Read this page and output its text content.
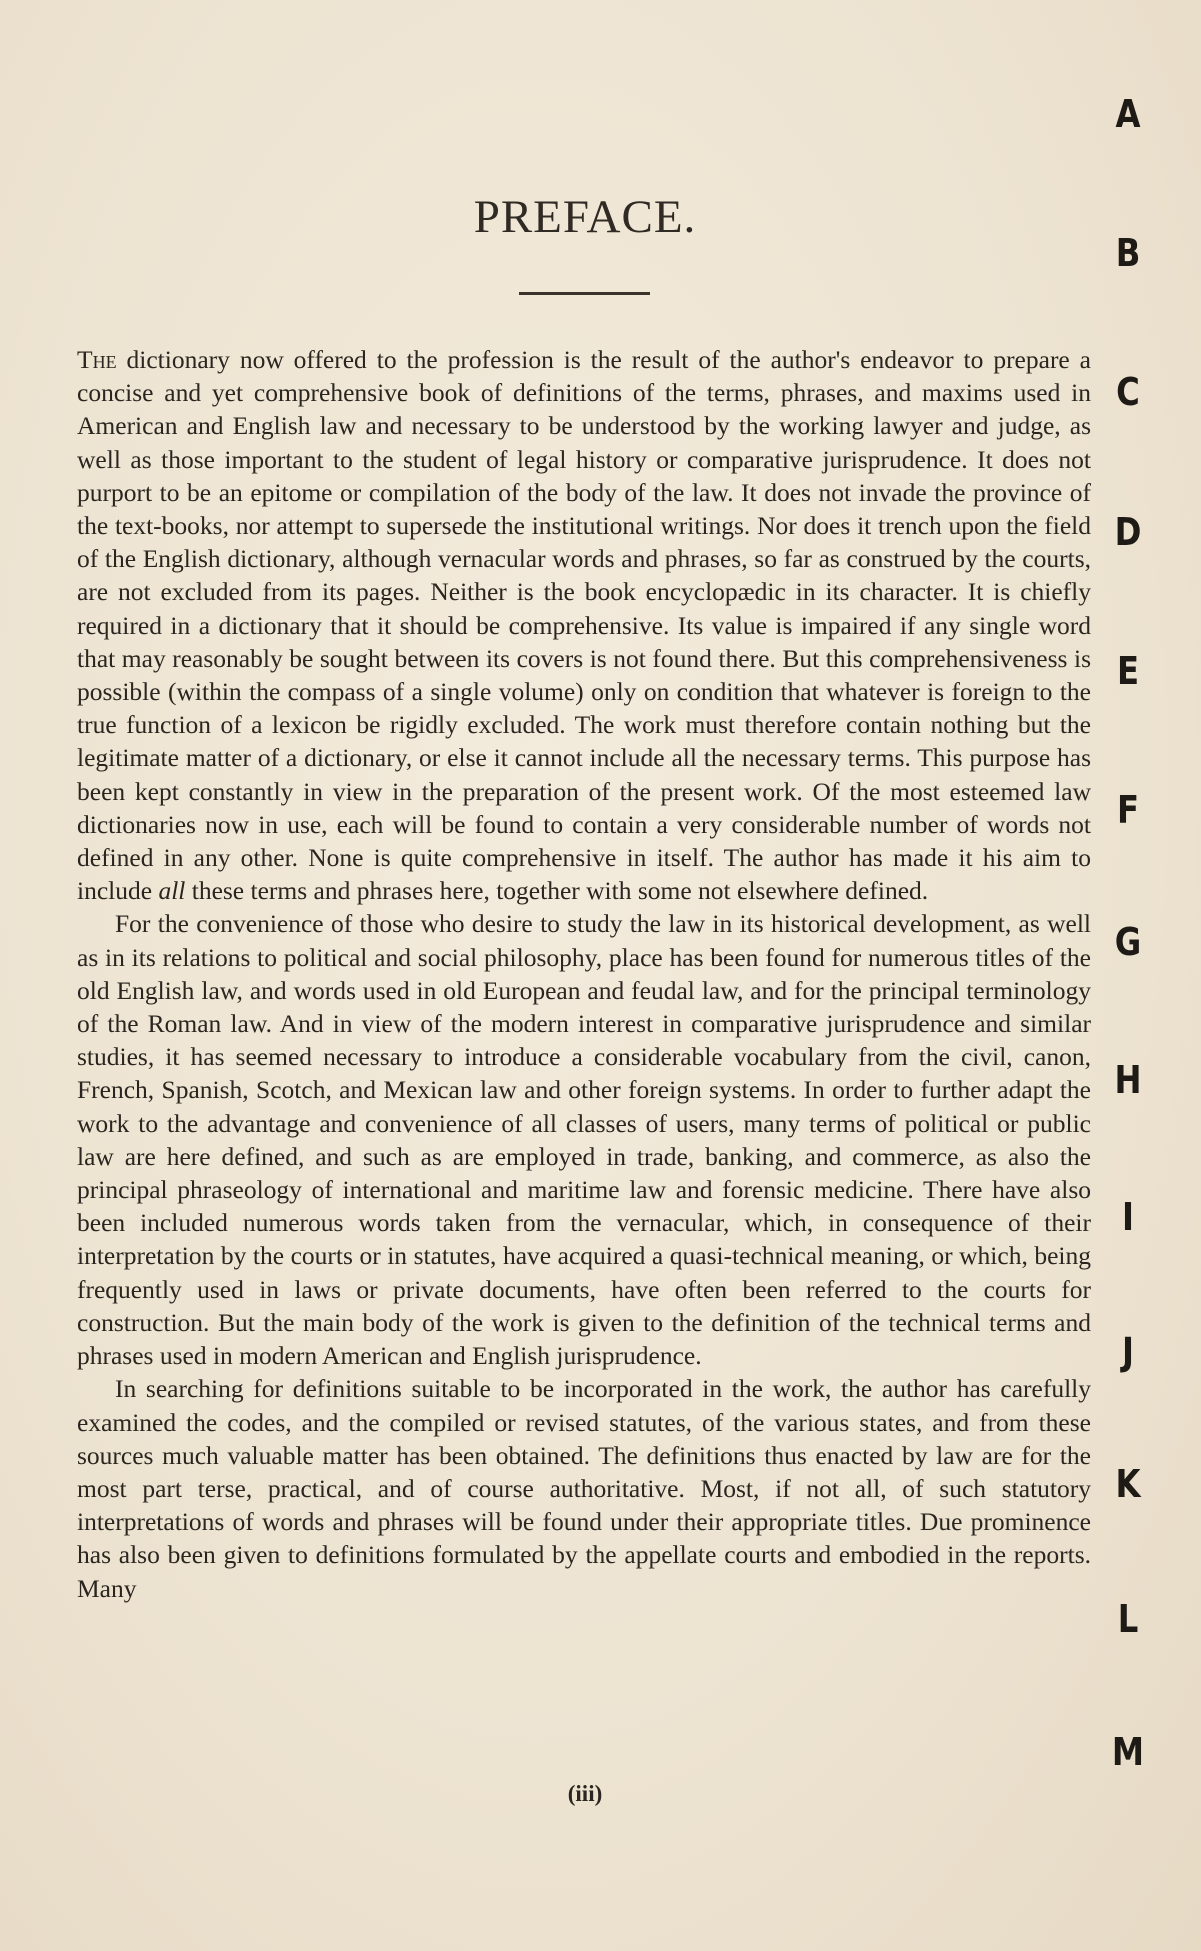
PREFACE.

The dictionary now offered to the profession is the result of the author's endeavor to prepare a concise and yet comprehensive book of definitions of the terms, phrases, and maxims used in American and English law and necessary to be understood by the working lawyer and judge, as well as those important to the student of legal history or comparative jurisprudence. It does not purport to be an epitome or compilation of the body of the law. It does not invade the province of the text-books, nor attempt to supersede the institutional writings. Nor does it trench upon the field of the English dictionary, although vernacular words and phrases, so far as construed by the courts, are not excluded from its pages. Neither is the book encyclopædic in its character. It is chiefly required in a dictionary that it should be comprehensive. Its value is impaired if any single word that may reasonably be sought between its covers is not found there. But this comprehensiveness is possible (within the compass of a single volume) only on condition that whatever is foreign to the true function of a lexicon be rigidly excluded. The work must therefore contain nothing but the legitimate matter of a dictionary, or else it cannot include all the necessary terms. This purpose has been kept constantly in view in the preparation of the present work. Of the most esteemed law dictionaries now in use, each will be found to contain a very considerable number of words not defined in any other. None is quite comprehensive in itself. The author has made it his aim to include all these terms and phrases here, together with some not elsewhere defined.

For the convenience of those who desire to study the law in its historical development, as well as in its relations to political and social philosophy, place has been found for numerous titles of the old English law, and words used in old European and feudal law, and for the principal terminology of the Roman law. And in view of the modern interest in comparative jurisprudence and similar studies, it has seemed necessary to introduce a considerable vocabulary from the civil, canon, French, Spanish, Scotch, and Mexican law and other foreign systems. In order to further adapt the work to the advantage and convenience of all classes of users, many terms of political or public law are here defined, and such as are employed in trade, banking, and commerce, as also the principal phraseology of international and maritime law and forensic medicine. There have also been included numerous words taken from the vernacular, which, in consequence of their interpretation by the courts or in statutes, have acquired a quasi-technical meaning, or which, being frequently used in laws or private documents, have often been referred to the courts for construction. But the main body of the work is given to the definition of the technical terms and phrases used in modern American and English jurisprudence.

In searching for definitions suitable to be incorporated in the work, the author has carefully examined the codes, and the compiled or revised statutes, of the various states, and from these sources much valuable matter has been obtained. The definitions thus enacted by law are for the most part terse, practical, and of course authoritative. Most, if not all, of such statutory interpretations of words and phrases will be found under their appropriate titles. Due prominence has also been given to definitions formulated by the appellate courts and embodied in the reports. Many

(iii)
A
B
C
D
E
F
G
H
I
J
K
L
M
